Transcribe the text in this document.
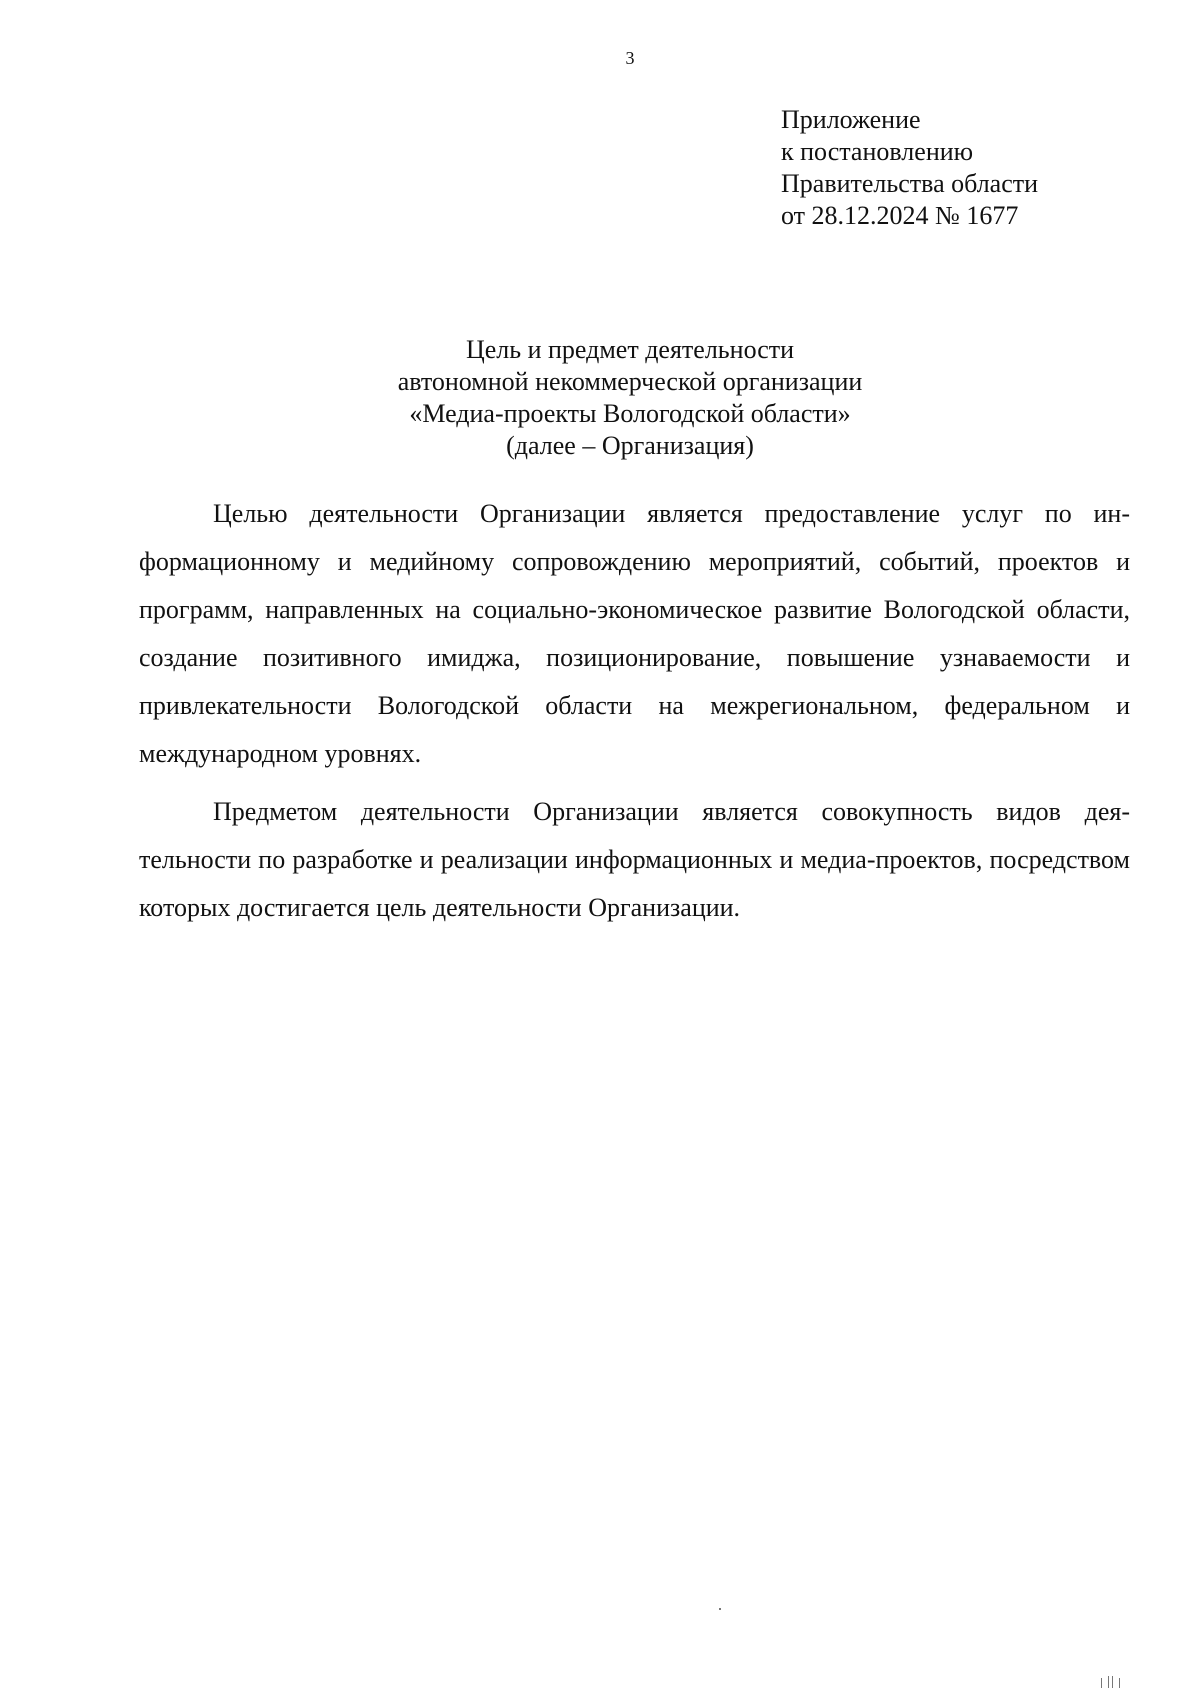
3
Приложение
к постановлению
Правительства области
от 28.12.2024 № 1677
Цель и предмет деятельности
автономной некоммерческой организации
«Медиа-проекты Вологодской области»
(далее – Организация)

Целью деятельности Организации является предоставление услуг по информационному и медийному сопровождению мероприятий, событий, проектов и программ, направленных на социально-экономическое развитие Вологодской области, создание позитивного имиджа, позиционирование, повышение узнаваемости и привлекательности Вологодской области на межрегиональном, федеральном и международном уровнях.

Предметом деятельности Организации является совокупность видов деятельности по разработке и реализации информационных и медиа-проектов, посредством которых достигается цель деятельности Организации.
